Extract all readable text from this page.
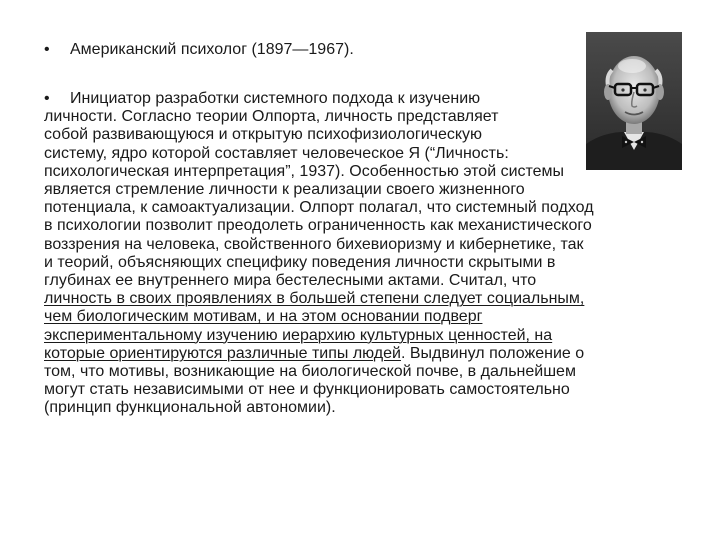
• Американский психолог (1897—1967).
• Инициатор разработки системного подхода к изучению
личности. Согласно теории Олпорта, личность представляет
собой развивающуюся и открытую психофизиологическую
систему, ядро которой составляет человеческое Я (“Личность:
психологическая интерпретация”, 1937). Особенностью этой системы
является стремление личности к реализации своего жизненного
потенциала, к самоактуализации. Олпорт полагал, что системный подход
в психологии позволит преодолеть ограниченность как механистического
воззрения на человека, свойственного бихевиоризму и кибернетике, так
и теорий, объясняющих специфику поведения личности скрытыми в
глубинах ее внутреннего мира бестелесными актами. Считал, что
личность в своих проявлениях в большей степени следует социальным,
чем биологическим мотивам, и на этом основании подверг
экспериментальному изучению иерархию культурных ценностей, на
которые ориентируются различные типы людей. Выдвинул положение о
том, что мотивы, возникающие на биологической почве, в дальнейшем
могут стать независимыми от нее и функционировать самостоятельно
(принцип функциональной автономии).
